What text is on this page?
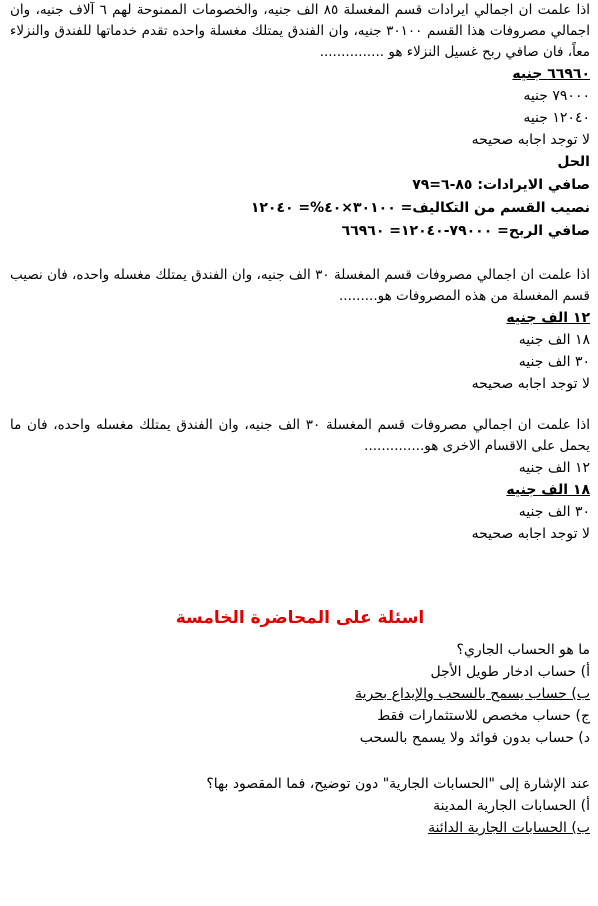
اذا علمت ان اجمالي ايرادات قسم المغسلة ٨٥ الف جنيه، والخصومات الممنوحة لهم ٦ آلاف جنيه، وان اجمالي مصروفات هذا القسم ٣٠١٠٠ جنيه، وان الفندق يمتلك مغسلة واحده تقدم خدماتها للفندق والنزلاء معاً، فان صافي ربح غسيل النزلاء هو ...............

٦٦٩٦٠ جنيه

٧٩٠٠٠ جنيه

١٢٠٤٠ جنيه

لا توجد اجابه صحيحه

الحل

صافي الايرادات: ٨٥-٦=٧٩

نصيب القسم من التكاليف= ٣٠١٠٠×٤٠%= ١٢٠٤٠

صافي الربح= ٧٩٠٠٠-١٢٠٤٠= ٦٦٩٦٠

اذا علمت ان اجمالي مصروفات قسم المغسلة ٣٠ الف جنيه، وان الفندق يمتلك مغسله واحده، فان نصيب قسم المغسلة من هذه المصروفات هو.........

١٢ الف جنيه

١٨ الف جنيه

٣٠ الف جنيه

لا توجد اجابه صحيحه

اذا علمت ان اجمالي مصروفات قسم المغسلة ٣٠ الف جنيه، وان الفندق يمتلك مغسله واحده، فان ما يحمل على الاقسام الاخرى هو..............

١٢ الف جنيه

١٨ الف جنيه

٣٠ الف جنيه

لا توجد اجابه صحيحه

اسئلة على المحاضرة الخامسة

ما هو الحساب الجاري؟

أ) حساب ادخار طويل الأجل

ب) حساب يسمح بالسحب والإيداع بحرية

ج) حساب مخصص للاستثمارات فقط

د) حساب بدون فوائد ولا يسمح بالسحب

عند الإشارة إلى "الحسابات الجارية" دون توضيح، فما المقصود بها؟

أ) الحسابات الجارية المدينة

ب) الحسابات الجارية الدائنة
